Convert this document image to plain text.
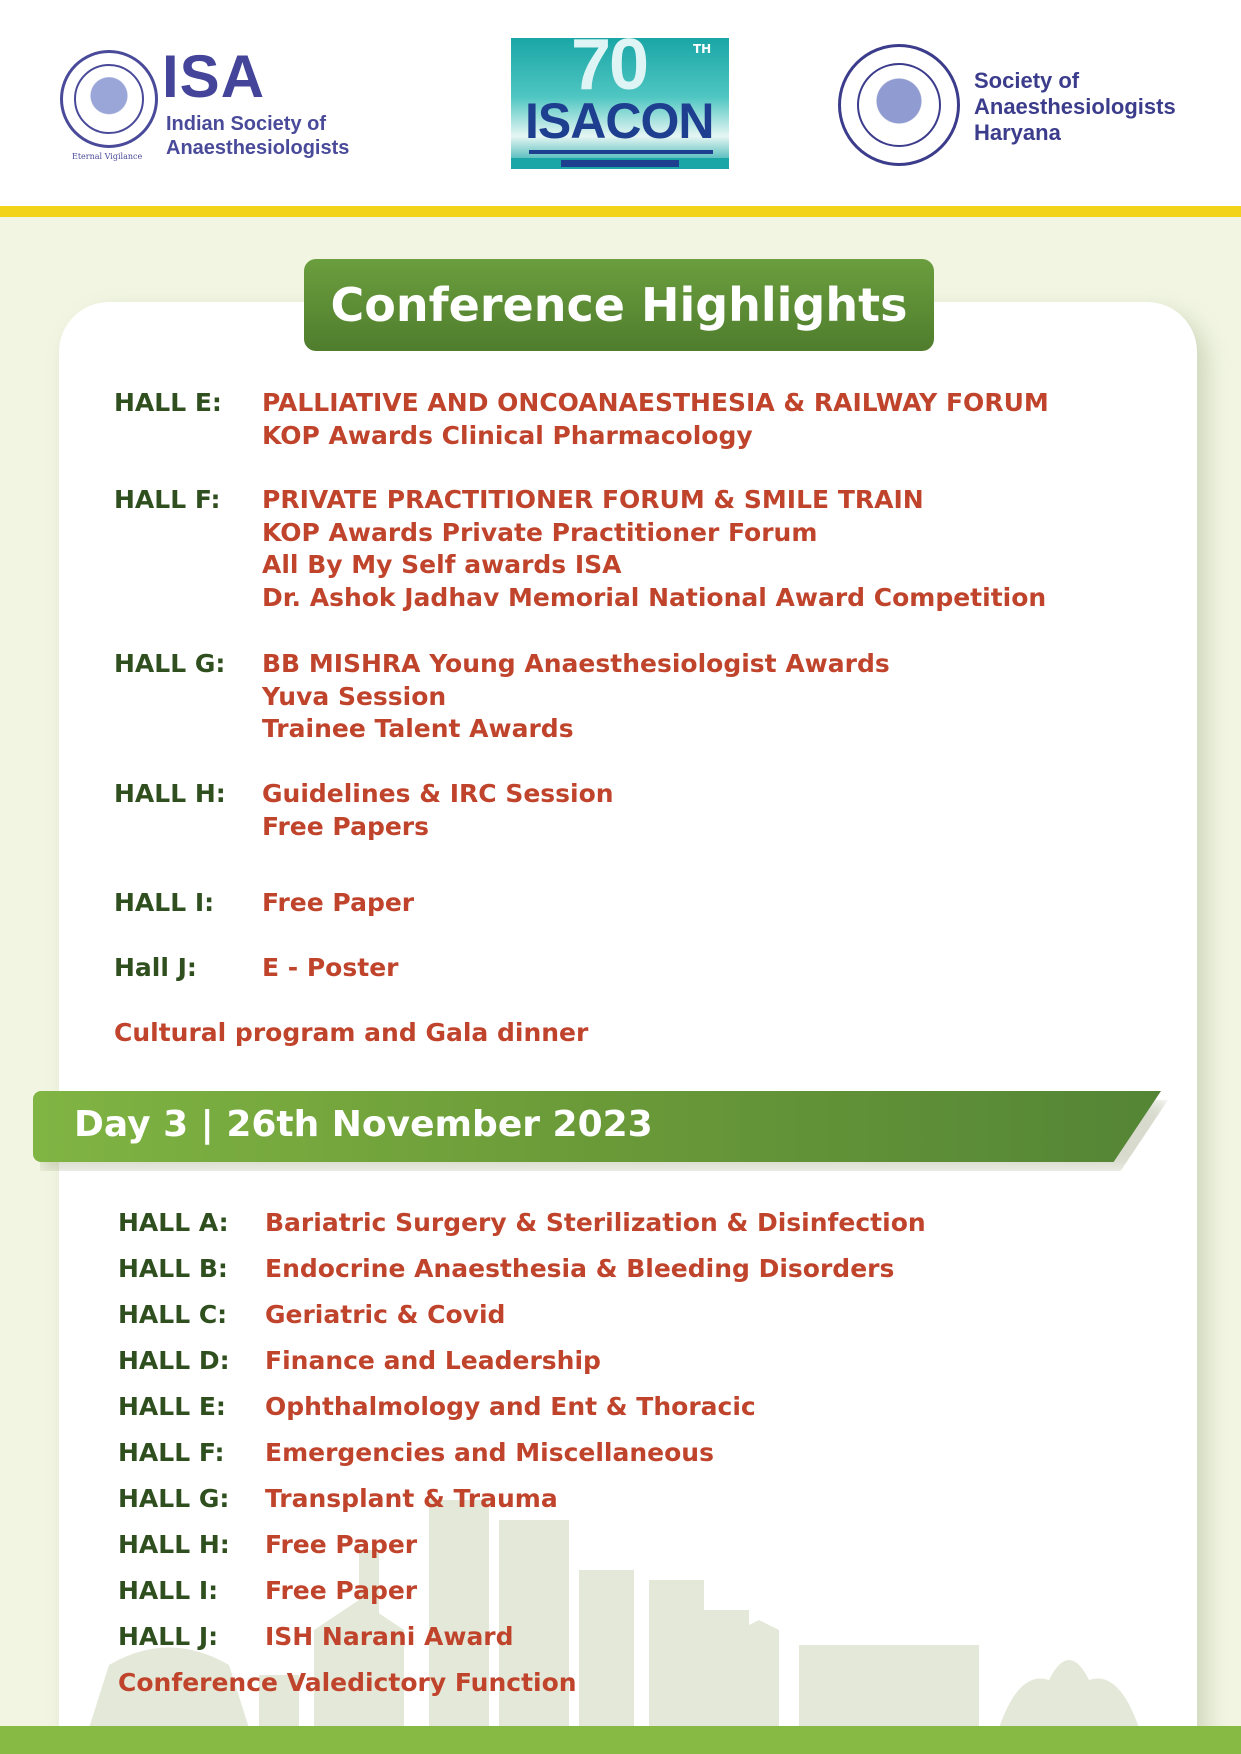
Eternal Vigilance
ISA
Indian Society of
Anaesthesiologists
70	TH
ISACON
Society of
Anaesthesiologists
Haryana
Conference Highlights
HALL E: PALLIATIVE AND ONCOANAESTHESIA & RAILWAY FORUM
KOP Awards Clinical Pharmacology
HALL F: PRIVATE PRACTITIONER FORUM & SMILE TRAIN
KOP Awards Private Practitioner Forum
All By My Self awards ISA
Dr. Ashok Jadhav Memorial National Award Competition
HALL G: BB MISHRA Young Anaesthesiologist Awards
Yuva Session
Trainee Talent Awards
HALL H: Guidelines & IRC Session
Free Papers
HALL I: Free Paper
Hall J:	E - Poster
Cultural program and Gala dinner
Day 3 | 26th November 2023
HALL A: Bariatric Surgery & Sterilization & Disinfection
HALL B: Endocrine Anaesthesia & Bleeding Disorders
HALL C: Geriatric & Covid
HALL D: Finance and Leadership
HALL E: Ophthalmology and Ent & Thoracic
HALL F: Emergencies and Miscellaneous
HALL G: Transplant & Trauma
HALL H: Free Paper
HALL I: Free Paper
HALL J: ISH Narani Award
Conference Valedictory Function
